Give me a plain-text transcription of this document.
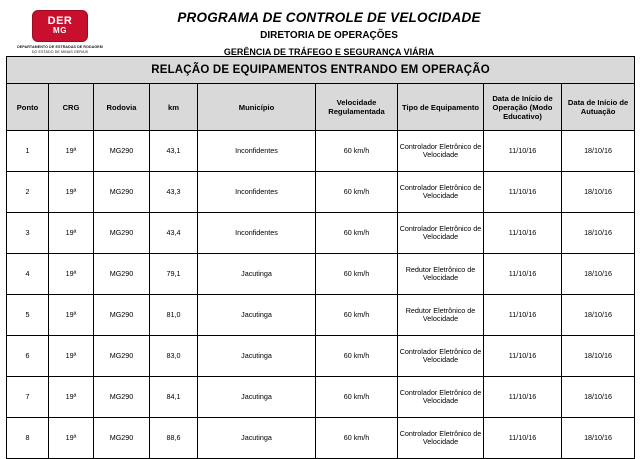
DER
MG
DEPARTAMENTO DE ESTRADAS DE RODAGEM
DO ESTADO DE MINAS GERAIS
PROGRAMA DE CONTROLE DE VELOCIDADE
DIRETORIA DE OPERAÇÕES
GERÊNCIA DE TRÁFEGO E SEGURANÇA VIÁRIA
RELAÇÃO DE EQUIPAMENTOS ENTRANDO EM OPERAÇÃO								
Ponto	CRG	Rodovia	km	Município	Velocidade Regulamentada	Tipo de Equipamento	Data de Início de Operação (Modo Educativo)	Data de Início de Autuação
1	19ª	MG290	43,1	Inconfidentes	60 km/h	Controlador Eletrônico de Velocidade	11/10/16	18/10/16
2	19ª	MG290	43,3	Inconfidentes	60 km/h	Controlador Eletrônico de Velocidade	11/10/16	18/10/16
3	19ª	MG290	43,4	Inconfidentes	60 km/h	Controlador Eletrônico de Velocidade	11/10/16	18/10/16
4	19ª	MG290	79,1	Jacutinga	60 km/h	Redutor Eletrônico de Velocidade	11/10/16	18/10/16
5	19ª	MG290	81,0	Jacutinga	60 km/h	Redutor Eletrônico de Velocidade	11/10/16	18/10/16
6	19ª	MG290	83,0	Jacutinga	60 km/h	Controlador Eletrônico de Velocidade	11/10/16	18/10/16
7	19ª	MG290	84,1	Jacutinga	60 km/h	Controlador Eletrônico de Velocidade	11/10/16	18/10/16
8	19ª	MG290	88,6	Jacutinga	60 km/h	Controlador Eletrônico de Velocidade	11/10/16	18/10/16
